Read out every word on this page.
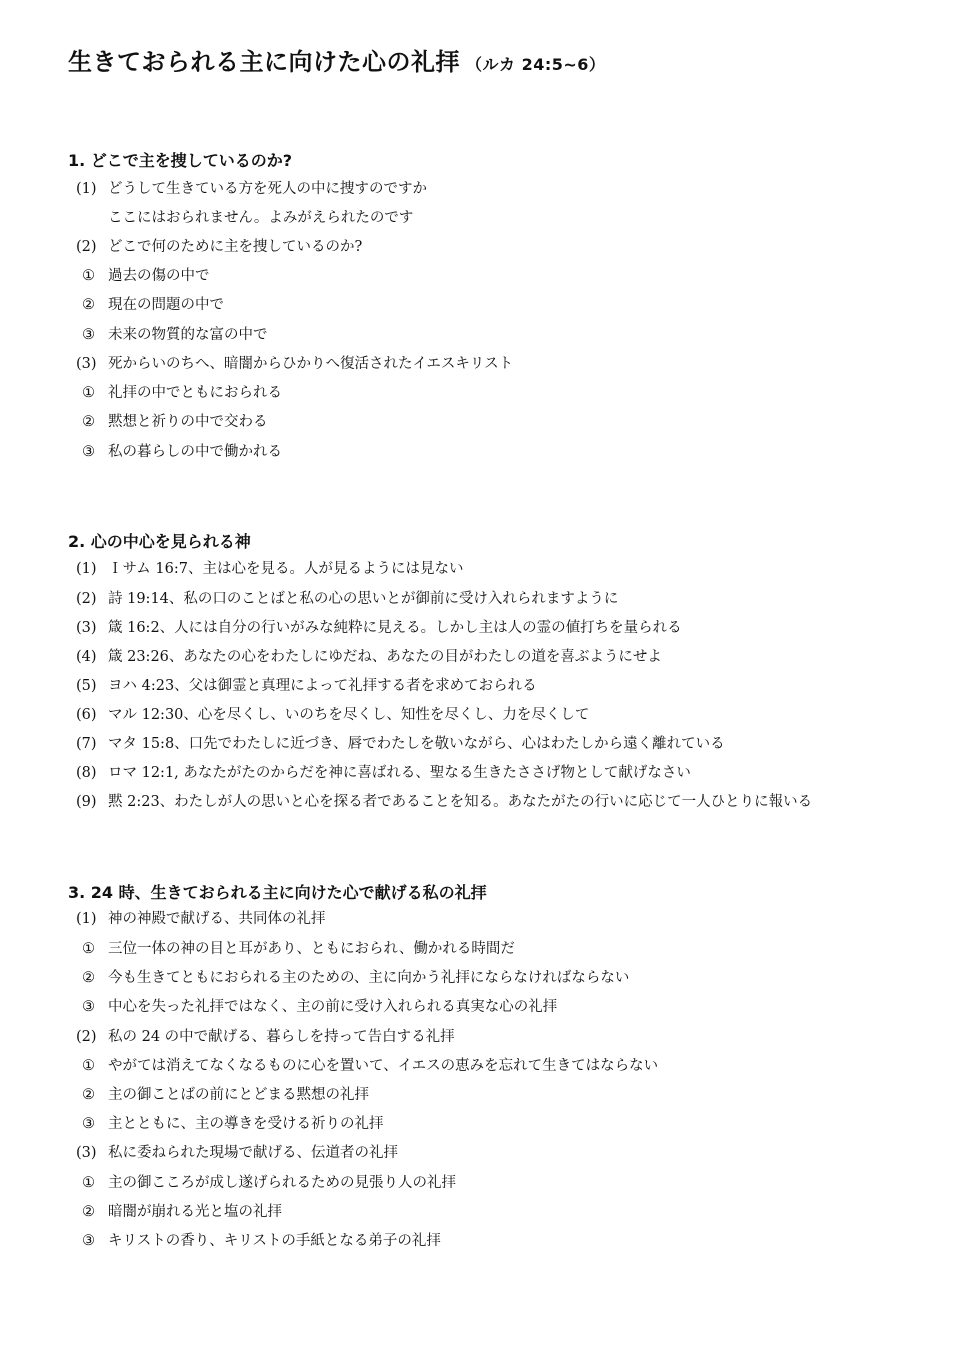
生きておられる主に向けた心の礼拝 （ルカ 24:5~6）
1. どこで主を捜しているのか?

(1) どうして生きている方を死人の中に捜すのですか

ここにはおられません。よみがえられたのです

(2) どこで何のために主を捜しているのか?

① 過去の傷の中で

② 現在の問題の中で

③ 未来の物質的な富の中で

(3) 死からいのちへ、暗闇からひかりへ復活されたイエスキリスト

① 礼拝の中でともにおられる

② 黙想と祈りの中で交わる

③ 私の暮らしの中で働かれる

2. 心の中心を見られる神

(1) Ｉサム 16:7、主は心を見る。人が見るようには見ない

(2) 詩 19:14、私の口のことばと私の心の思いとが御前に受け入れられますように

(3) 箴 16:2、人には自分の行いがみな純粋に見える。しかし主は人の霊の値打ちを量られる

(4) 箴 23:26、あなたの心をわたしにゆだね、あなたの目がわたしの道を喜ぶようにせよ

(5) ヨハ 4:23、父は御霊と真理によって礼拝する者を求めておられる

(6) マル 12:30、心を尽くし、いのちを尽くし、知性を尽くし、力を尽くして

(7) マタ 15:8、口先でわたしに近づき、唇でわたしを敬いながら、心はわたしから遠く離れている

(8) ロマ 12:1, あなたがたのからだを神に喜ばれる、聖なる生きたささげ物として献げなさい

(9) 黙 2:23、わたしが人の思いと心を探る者であることを知る。あなたがたの行いに応じて一人ひとりに報いる

3. 24 時、生きておられる主に向けた心で献げる私の礼拝

(1) 神の神殿で献げる、共同体の礼拝

① 三位一体の神の目と耳があり、ともにおられ、働かれる時間だ

② 今も生きてともにおられる主のための、主に向かう礼拝にならなければならない

③ 中心を失った礼拝ではなく、主の前に受け入れられる真実な心の礼拝

(2) 私の 24 の中で献げる、暮らしを持って告白する礼拝

① やがては消えてなくなるものに心を置いて、イエスの恵みを忘れて生きてはならない

② 主の御ことばの前にとどまる黙想の礼拝

③ 主とともに、主の導きを受ける祈りの礼拝

(3) 私に委ねられた現場で献げる、伝道者の礼拝

① 主の御こころが成し遂げられるための見張り人の礼拝

② 暗闇が崩れる光と塩の礼拝

③ キリストの香り、キリストの手紙となる弟子の礼拝
